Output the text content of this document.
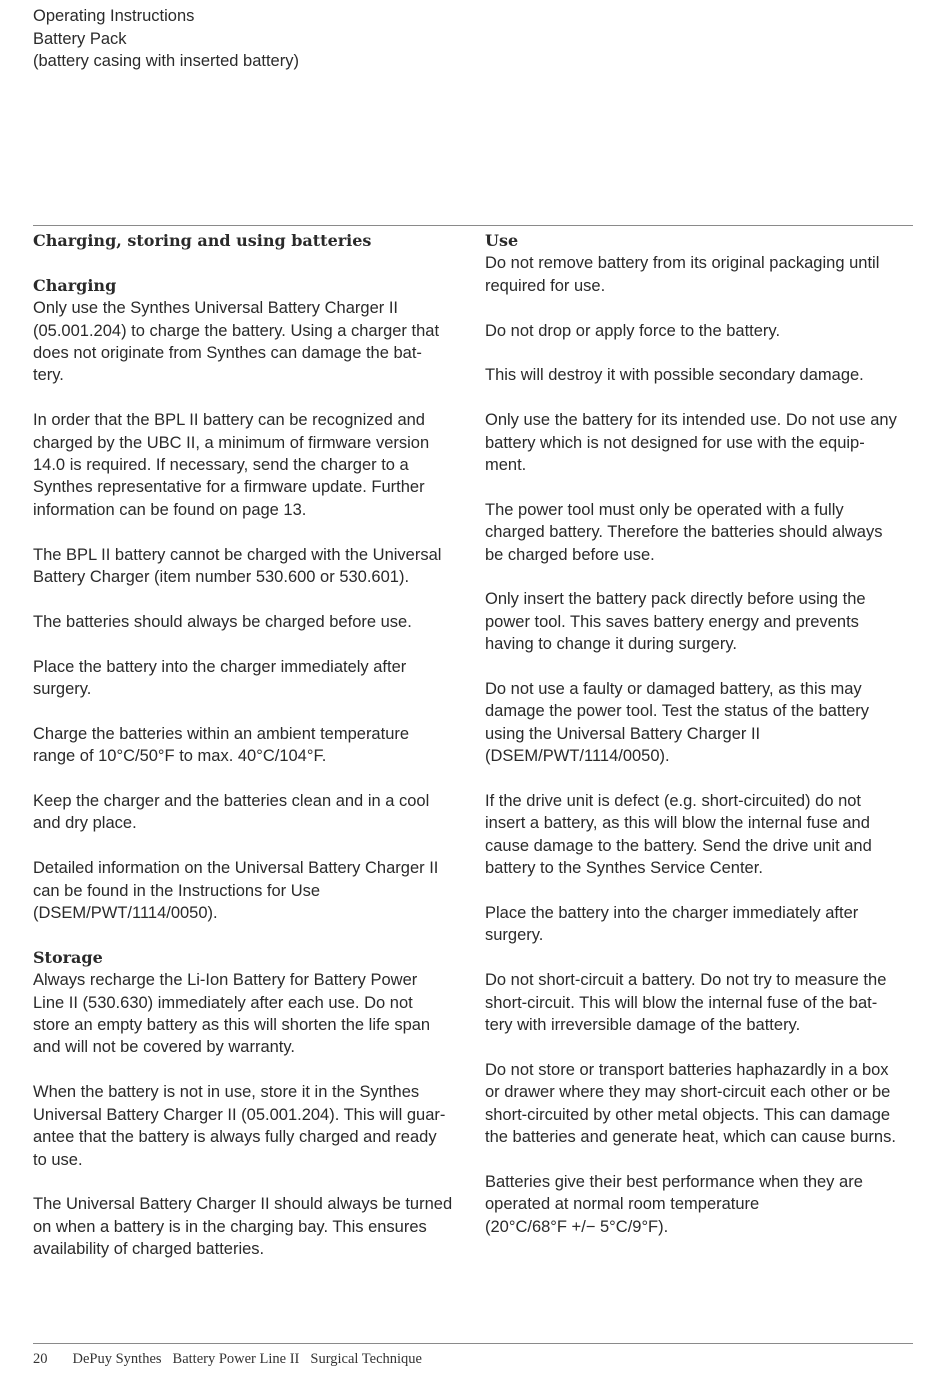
Operating Instructions
Battery Pack
(battery casing with inserted battery)
Charging, storing and using batteries
Charging
Only use the Synthes Universal Battery Charger II
(05.001.204) to charge the battery. Using a charger that
does not originate from Synthes can damage the bat-
tery.
In order that the BPL II battery can be recognized and
charged by the UBC II, a minimum of firmware version
14.0 is required. If necessary, send the charger to a
Synthes representative for a firmware update. Further
information can be found on page 13.
The BPL II battery cannot be charged with the Universal
Battery Charger (item number 530.600 or 530.601).
The batteries should always be charged before use.
Place the battery into the charger immediately after
surgery.
Charge the batteries within an ambient temperature
range of 10°C/50°F to max. 40°C/104°F.
Keep the charger and the batteries clean and in a cool
and dry place.
Detailed information on the Universal Battery Charger II
can be found in the Instructions for Use
(DSEM/PWT/1114/0050).
Storage
Always recharge the Li-Ion Battery for Battery Power
Line II (530.630) immediately after each use. Do not
store an empty battery as this will shorten the life span
and will not be covered by warranty.
When the battery is not in use, store it in the Synthes
Universal Battery Charger II (05.001.204). This will guar-
antee that the battery is always fully charged and ready
to use.
The Universal Battery Charger II should always be turned
on when a battery is in the charging bay. This ensures
availability of charged batteries.
Use
Do not remove battery from its original packaging until
required for use.
Do not drop or apply force to the battery.
This will destroy it with possible secondary damage.
Only use the battery for its intended use. Do not use any
battery which is not designed for use with the equip-
ment.
The power tool must only be operated with a fully
charged battery. Therefore the batteries should always
be charged before use.
Only insert the battery pack directly before using the
power tool. This saves battery energy and prevents
having to change it during surgery.
Do not use a faulty or damaged battery, as this may
damage the power tool. Test the status of the battery
using the Universal Battery Charger II
(DSEM/PWT/1114/0050).
If the drive unit is defect (e.g. short-circuited) do not
insert a battery, as this will blow the internal fuse and
cause damage to the battery. Send the drive unit and
battery to the Synthes Service Center.
Place the battery into the charger immediately after
surgery.
Do not short-circuit a battery. Do not try to measure the
short-circuit. This will blow the internal fuse of the bat-
tery with irreversible damage of the battery.
Do not store or transport batteries haphazardly in a box
or drawer where they may short-circuit each other or be
short-circuited by other metal objects. This can damage
the batteries and generate heat, which can cause burns.
Batteries give their best performance when they are
operated at normal room temperature
(20°C/68°F +/− 5°C/9°F).
20 DePuy Synthes Battery Power Line II Surgical Technique
